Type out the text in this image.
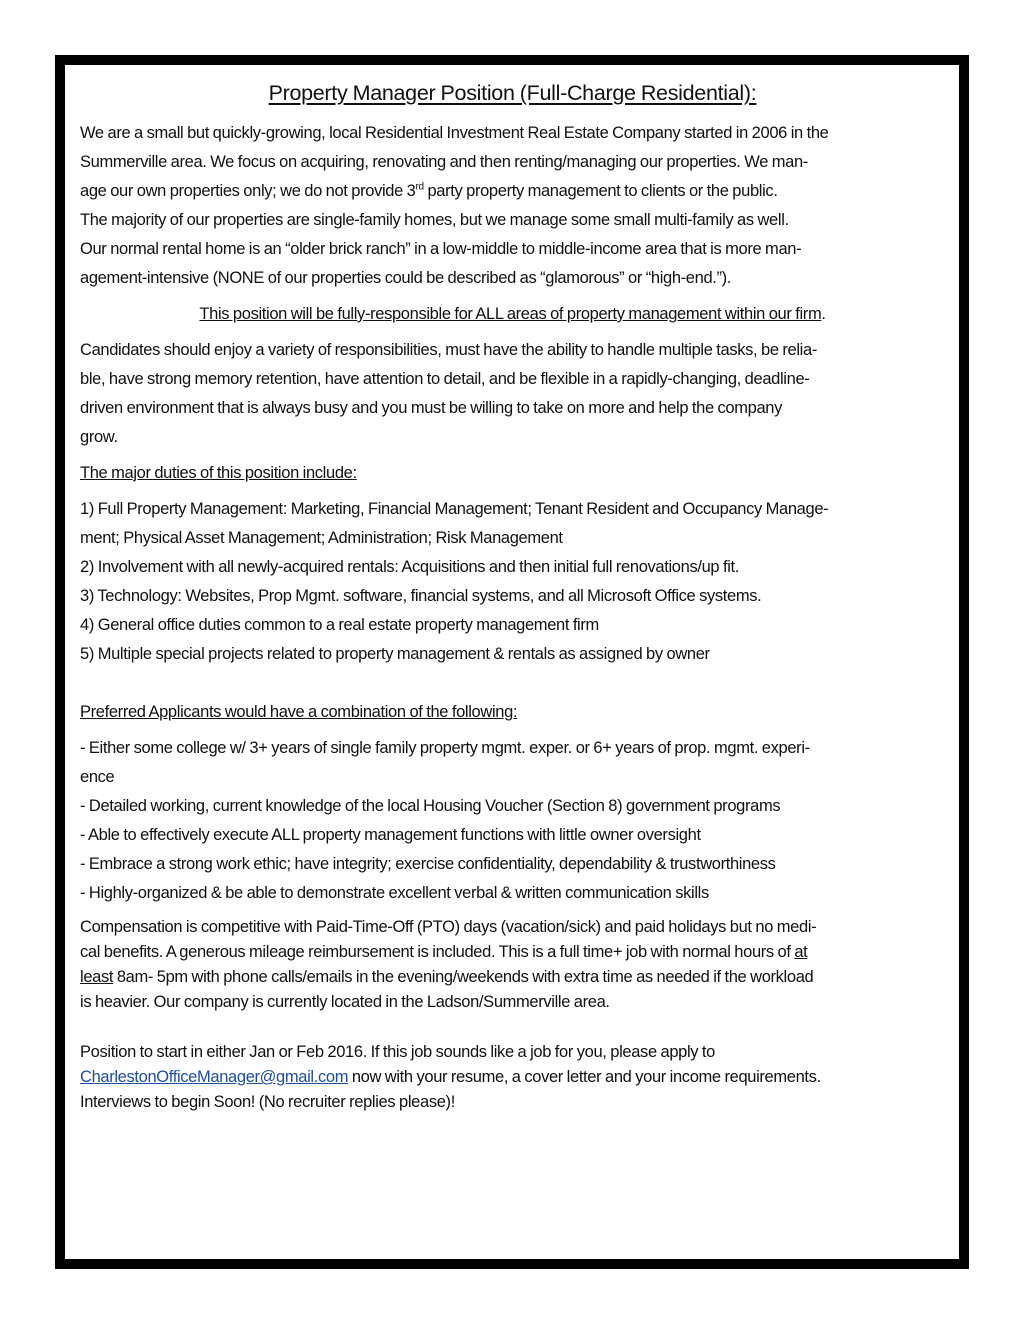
Property Manager Position (Full-Charge Residential):

We are a small but quickly-growing, local Residential Investment Real Estate Company started in 2006 in the

Summerville area. We focus on acquiring, renovating and then renting/managing our properties. We man-

age our own properties only; we do not provide 3rd party property management to clients or the public.

The majority of our properties are single-family homes, but we manage some small multi-family as well.

Our normal rental home is an “older brick ranch” in a low-middle to middle-income area that is more man-

agement-intensive (NONE of our properties could be described as “glamorous” or “high-end.”).

This position will be fully-responsible for ALL areas of property management within our firm.

Candidates should enjoy a variety of responsibilities, must have the ability to handle multiple tasks, be relia-

ble, have strong memory retention, have attention to detail, and be flexible in a rapidly-changing, deadline-

driven environment that is always busy and you must be willing to take on more and help the company

grow.

The major duties of this position include:

1) Full Property Management: Marketing, Financial Management; Tenant Resident and Occupancy Manage-

ment; Physical Asset Management; Administration; Risk Management

2) Involvement with all newly-acquired rentals: Acquisitions and then initial full renovations/up fit.

3) Technology: Websites, Prop Mgmt. software, financial systems, and all Microsoft Office systems.

4) General office duties common to a real estate property management firm

5) Multiple special projects related to property management & rentals as assigned by owner

Preferred Applicants would have a combination of the following:

- Either some college w/ 3+ years of single family property mgmt. exper. or 6+ years of prop. mgmt. experi-

ence

- Detailed working, current knowledge of the local Housing Voucher (Section 8) government programs

- Able to effectively execute ALL property management functions with little owner oversight

- Embrace a strong work ethic; have integrity; exercise confidentiality, dependability & trustworthiness

- Highly-organized & be able to demonstrate excellent verbal & written communication skills

Compensation is competitive with Paid-Time-Off (PTO) days (vacation/sick) and paid holidays but no medi-

cal benefits. A generous mileage reimbursement is included. This is a full time+ job with normal hours of at

least 8am- 5pm with phone calls/emails in the evening/weekends with extra time as needed if the workload

is heavier. Our company is currently located in the Ladson/Summerville area.

Position to start in either Jan or Feb 2016. If this job sounds like a job for you, please apply to

CharlestonOfficeManager@gmail.com now with your resume, a cover letter and your income requirements.

Interviews to begin Soon! (No recruiter replies please)!
